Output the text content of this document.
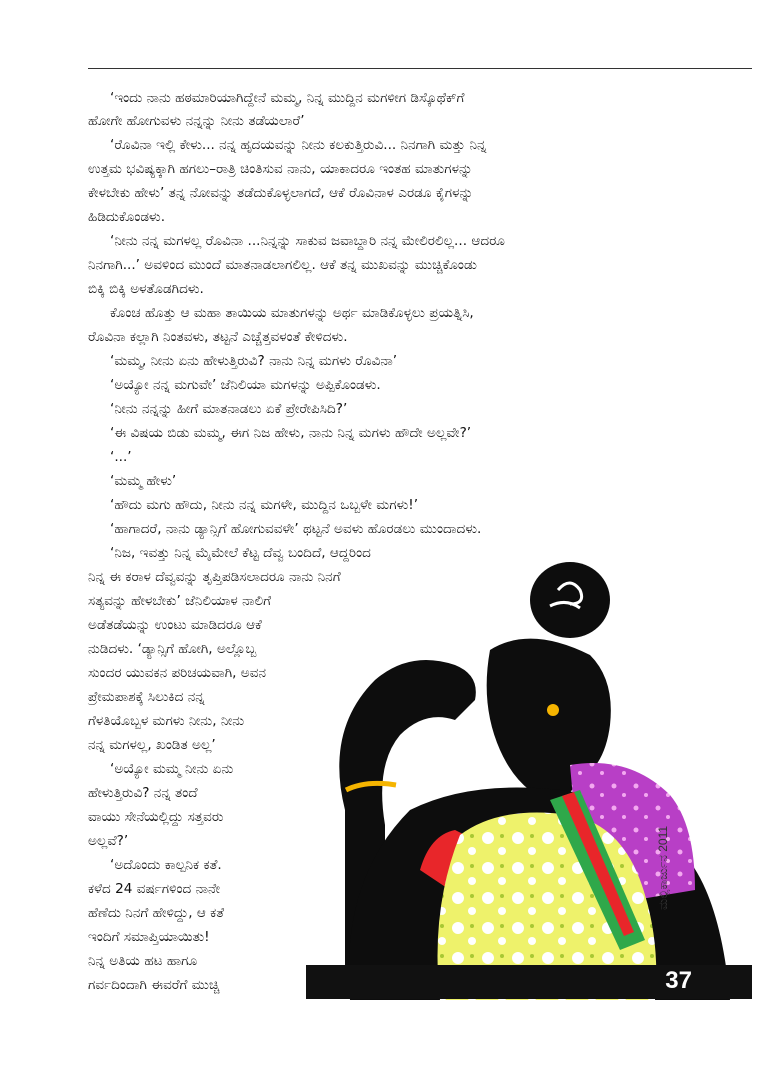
‘ಇಂದು ನಾನು ಹಠಮಾರಿಯಾಗಿದ್ದೇನೆ ಮಮ್ಮ, ನಿನ್ನ ಮುದ್ದಿನ ಮಗಳೀಗ ಡಿಸ್ಕೊಥೆಕ್‌ಗೆ

ಹೋಗೇ ಹೋಗುವಳು ನನ್ನನ್ನು ನೀನು ತಡೆಯಲಾರೆ’

‘ರೊವಿನಾ ಇಲ್ಲಿ ಕೇಳು... ನನ್ನ ಹೃದಯವನ್ನು ನೀನು ಕಲಕುತ್ತಿರುವಿ... ನಿನಗಾಗಿ ಮತ್ತು ನಿನ್ನ

ಉತ್ತಮ ಭವಿಷ್ಯಕ್ಕಾಗಿ ಹಗಲು–ರಾತ್ರಿ ಚಿಂತಿಸುವ ನಾನು, ಯಾಕಾದರೂ ಇಂತಹ ಮಾತುಗಳನ್ನು

ಕೇಳಬೇಕು ಹೇಳು’ ತನ್ನ ನೋವನ್ನು ತಡೆದುಕೊಳ್ಳಲಾಗದೆ, ಆಕೆ ರೊವಿನಾಳ ಎರಡೂ ಕೈಗಳನ್ನು

ಹಿಡಿದುಕೊಂಡಳು.

‘ನೀನು ನನ್ನ ಮಗಳಲ್ಲ ರೊವಿನಾ ...ನಿನ್ನನ್ನು ಸಾಕುವ ಜವಾಬ್ದಾರಿ ನನ್ನ ಮೇಲಿರಲಿಲ್ಲ... ಆದರೂ

ನಿನಗಾಗಿ...’ ಅವಳಿಂದ ಮುಂದೆ ಮಾತನಾಡಲಾಗಲಿಲ್ಲ. ಆಕೆ ತನ್ನ ಮುಖವನ್ನು ಮುಚ್ಚಿಕೊಂಡು

ಬಿಕ್ಕಿ ಬಿಕ್ಕಿ ಅಳತೊಡಗಿದಳು.

ಕೊಂಚ ಹೊತ್ತು ಆ ಮಹಾ ತಾಯಿಯ ಮಾತುಗಳನ್ನು ಅರ್ಥ ಮಾಡಿಕೊಳ್ಳಲು ಪ್ರಯತ್ನಿಸಿ,

ರೊವಿನಾ ಕಲ್ಲಾಗಿ ನಿಂತವಳು, ತಟ್ಟನೆ ಎಚ್ಚೆತ್ತವಳಂತೆ ಕೇಳಿದಳು.

‘ಮಮ್ಮ, ನೀನು ಏನು ಹೇಳುತ್ತಿರುವಿ? ನಾನು ನಿನ್ನ ಮಗಳು ರೊವಿನಾ’

‘ಅಯ್ಯೋ ನನ್ನ ಮಗುವೇ’ ಜೆನಿಲಿಯಾ ಮಗಳನ್ನು ಅಪ್ಪಿಕೊಂಡಳು.

‘ನೀನು ನನ್ನನ್ನು ಹೀಗೆ ಮಾತನಾಡಲು ಏಕೆ ಪ್ರೇರೇಪಿಸಿದಿ?’

‘ಈ ವಿಷಯ ಬಿಡು ಮಮ್ಮ, ಈಗ ನಿಜ ಹೇಳು, ನಾನು ನಿನ್ನ ಮಗಳು ಹೌದೇ ಅಲ್ಲವೇ?’

‘...’

‘ಮಮ್ಮ ಹೇಳು’

‘ಹೌದು ಮಗು ಹೌದು, ನೀನು ನನ್ನ ಮಗಳೇ, ಮುದ್ದಿನ ಒಬ್ಬಳೇ ಮಗಳು!’

‘ಹಾಗಾದರೆ, ನಾನು ಡ್ಯಾನ್ಸಿಗೆ ಹೋಗುವವಳೇ’ ಥಟ್ಟನೆ ಅವಳು ಹೊರಡಲು ಮುಂದಾದಳು.

‘ನಿಜ, ಇವತ್ತು ನಿನ್ನ ಮೈಮೇಲೆ ಕೆಟ್ಟ ದೆವ್ವ ಬಂದಿದೆ, ಆದ್ದರಿಂದ

ನಿನ್ನ ಈ ಕರಾಳ ದೆವ್ವವನ್ನು ತೃಪ್ತಿಪಡಿಸಲಾದರೂ ನಾನು ನಿನಗೆ

ಸತ್ಯವನ್ನು ಹೇಳಬೇಕು’ ಜೆನಿಲಿಯಾಳ ನಾಲಿಗೆ

ಅಡೆತಡೆಯನ್ನು ಉಂಟು ಮಾಡಿದರೂ ಆಕೆ

ನುಡಿದಳು. ‘ಡ್ಯಾನ್ಸಿಗೆ ಹೋಗಿ, ಅಲ್ಲೊಬ್ಬ

ಸುಂದರ ಯುವಕನ ಪರಿಚಯವಾಗಿ, ಅವನ

ಪ್ರೇಮಪಾಶಕ್ಕೆ ಸಿಲುಕಿದ ನನ್ನ

ಗೆಳತಿಯೊಬ್ಬಳ ಮಗಳು ನೀನು, ನೀನು

ನನ್ನ ಮಗಳಲ್ಲ, ಖಂಡಿತ ಅಲ್ಲ’

‘ಅಯ್ಯೋ ಮಮ್ಮ ನೀನು ಏನು

ಹೇಳುತ್ತಿರುವಿ? ನನ್ನ ತಂದೆ

ವಾಯು ಸೇನೆಯಲ್ಲಿದ್ದು ಸತ್ತವರು

ಅಲ್ಲವೆ?’

‘ಅದೊಂದು ಕಾಲ್ಪನಿಕ ಕತೆ.

ಕಳೆದ 24 ವರ್ಷಗಳಿಂದ ನಾನೇ

ಹೆಣೆದು ನಿನಗೆ ಹೇಳಿದ್ದು, ಆ ಕತೆ

ಇಂದಿಗೆ ಸಮಾಪ್ತಿಯಾಯಿತು!

ನಿನ್ನ ಅತಿಯ ಹಟ ಹಾಗೂ

ಗರ್ವದಿಂದಾಗಿ ಈವರೆಗೆ ಮುಚ್ಚಿ

ಮಲ್ಲಿಕಾರ್ಜುನ 2011
37
